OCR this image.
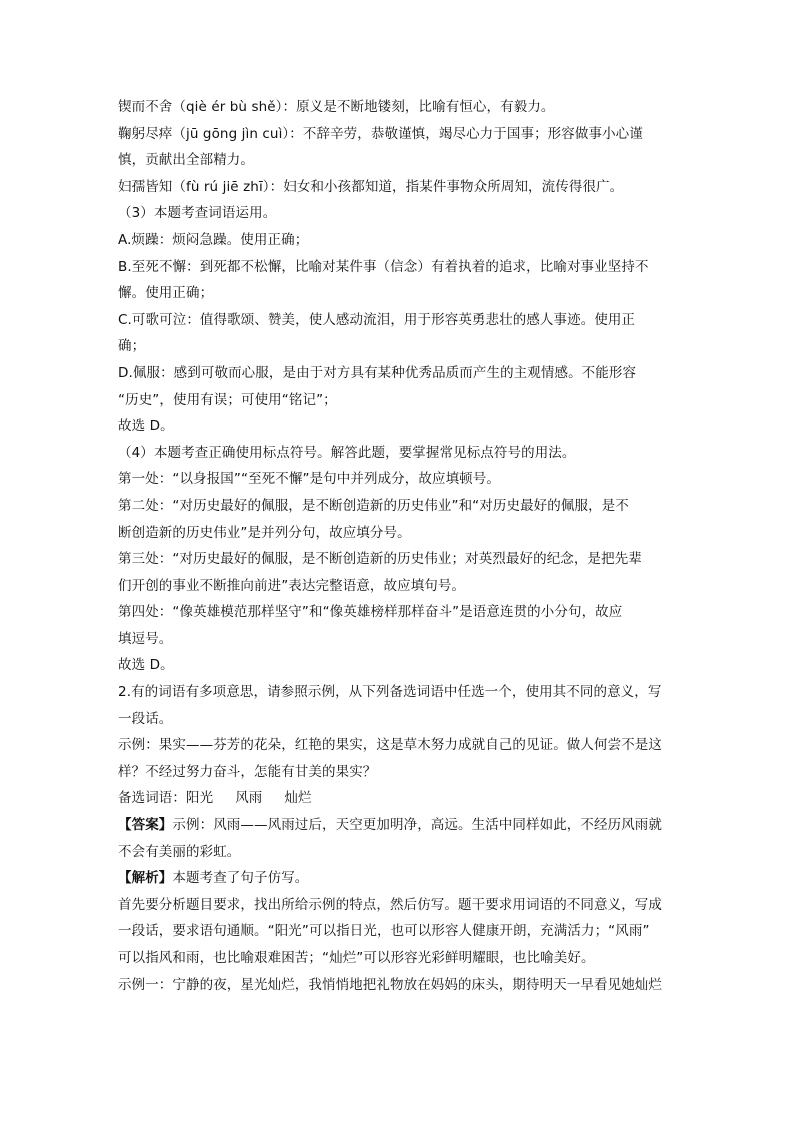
锲而不舍（qiè ér bù shě）：原义是不断地镂刻，比喻有恒心，有毅力。
鞠躬尽瘁（jū gōng jìn cuì）：不辞辛劳，恭敬谨慎，竭尽心力于国事；形容做事小心谨
慎，贡献出全部精力。
妇孺皆知（fù rú jiē zhī）：妇女和小孩都知道，指某件事物众所周知，流传得很广。
（3）本题考查词语运用。
A.烦躁：烦闷急躁。使用正确；
B.至死不懈：到死都不松懈，比喻对某件事（信念）有着执着的追求，比喻对事业坚持不
懈。使用正确；
C.可歌可泣：值得歌颂、赞美，使人感动流泪，用于形容英勇悲壮的感人事迹。使用正
确；
D.佩服：感到可敬而心服，是由于对方具有某种优秀品质而产生的主观情感。不能形容
“历史”，使用有误；可使用“铭记”；
故选 D。
（4）本题考查正确使用标点符号。解答此题，要掌握常见标点符号的用法。
第一处：“以身报国”“至死不懈”是句中并列成分，故应填顿号。
第二处：“对历史最好的佩服，是不断创造新的历史伟业”和“对历史最好的佩服，是不
断创造新的历史伟业”是并列分句，故应填分号。
第三处：“对历史最好的佩服，是不断创造新的历史伟业；对英烈最好的纪念，是把先辈
们开创的事业不断推向前进”表达完整语意，故应填句号。
第四处：“像英雄模范那样坚守”和“像英雄榜样那样奋斗”是语意连贯的小分句，故应
填逗号。
故选 D。
2.有的词语有多项意思，请参照示例，从下列备选词语中任选一个，使用其不同的意义，写
一段话。
示例：果实——芬芳的花朵，红艳的果实，这是草木努力成就自己的见证。做人何尝不是这
样？不经过努力奋斗，怎能有甘美的果实？
备选词语：阳光 风雨 灿烂
【答案】示例：风雨——风雨过后，天空更加明净，高远。生活中同样如此，不经历风雨就
不会有美丽的彩虹。
【解析】本题考查了句子仿写。
首先要分析题目要求，找出所给示例的特点，然后仿写。题干要求用词语的不同意义，写成
一段话，要求语句通顺。“阳光”可以指日光，也可以形容人健康开朗，充满活力；“风雨”
可以指风和雨，也比喻艰难困苦；“灿烂”可以形容光彩鲜明耀眼，也比喻美好。
示例一：宁静的夜，星光灿烂，我悄悄地把礼物放在妈妈的床头，期待明天一早看见她灿烂
